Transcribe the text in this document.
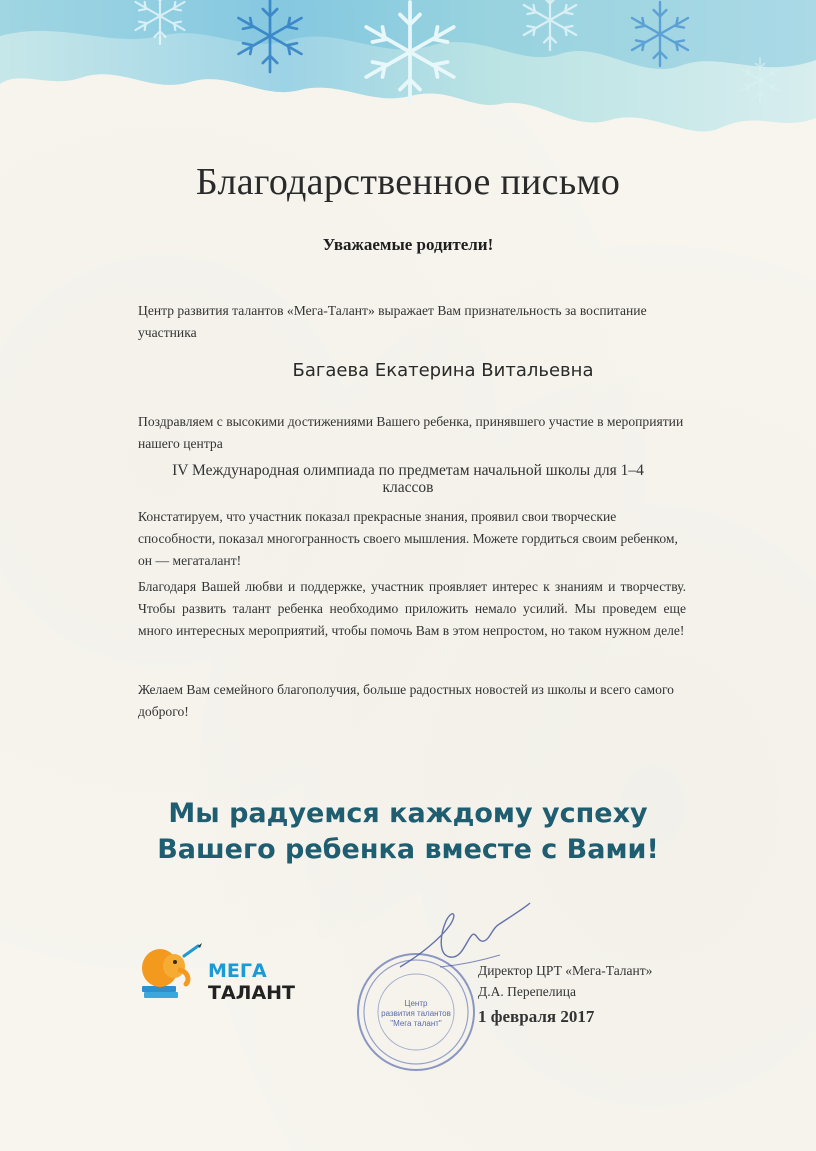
Благодарственное письмо
Уважаемые родители!
Центр развития талантов «Мега-Талант» выражает Вам признательность за воспитание участника
Багаева Екатерина Витальевна
Поздравляем с высокими достижениями Вашего ребенка, принявшего участие в мероприятии нашего центра
IV Международная олимпиада по предметам начальной школы для 1–4
классов
Констатируем, что участник показал прекрасные знания, проявил свои творческие способности, показал многогранность своего мышления. Можете гордиться своим ребенком, он — мегаталант!
Благодаря Вашей любви и поддержке, участник проявляет интерес к знаниям и творчеству. Чтобы развить талант ребенка необходимо приложить немало усилий. Мы проведем еще много интересных мероприятий, чтобы помочь Вам в этом непростом, но таком нужном деле!
Желаем Вам семейного благополучия, больше радостных новостей из школы и всего самого доброго!
Мы радуемся каждому успеху
Вашего ребенка вместе с Вами!
МЕГА
ТАЛАНТ	Центр
развития талантов
"Мега талант"
Директор ЦРТ «Мега-Талант»
Д.А. Перепелица
1 февраля 2017
